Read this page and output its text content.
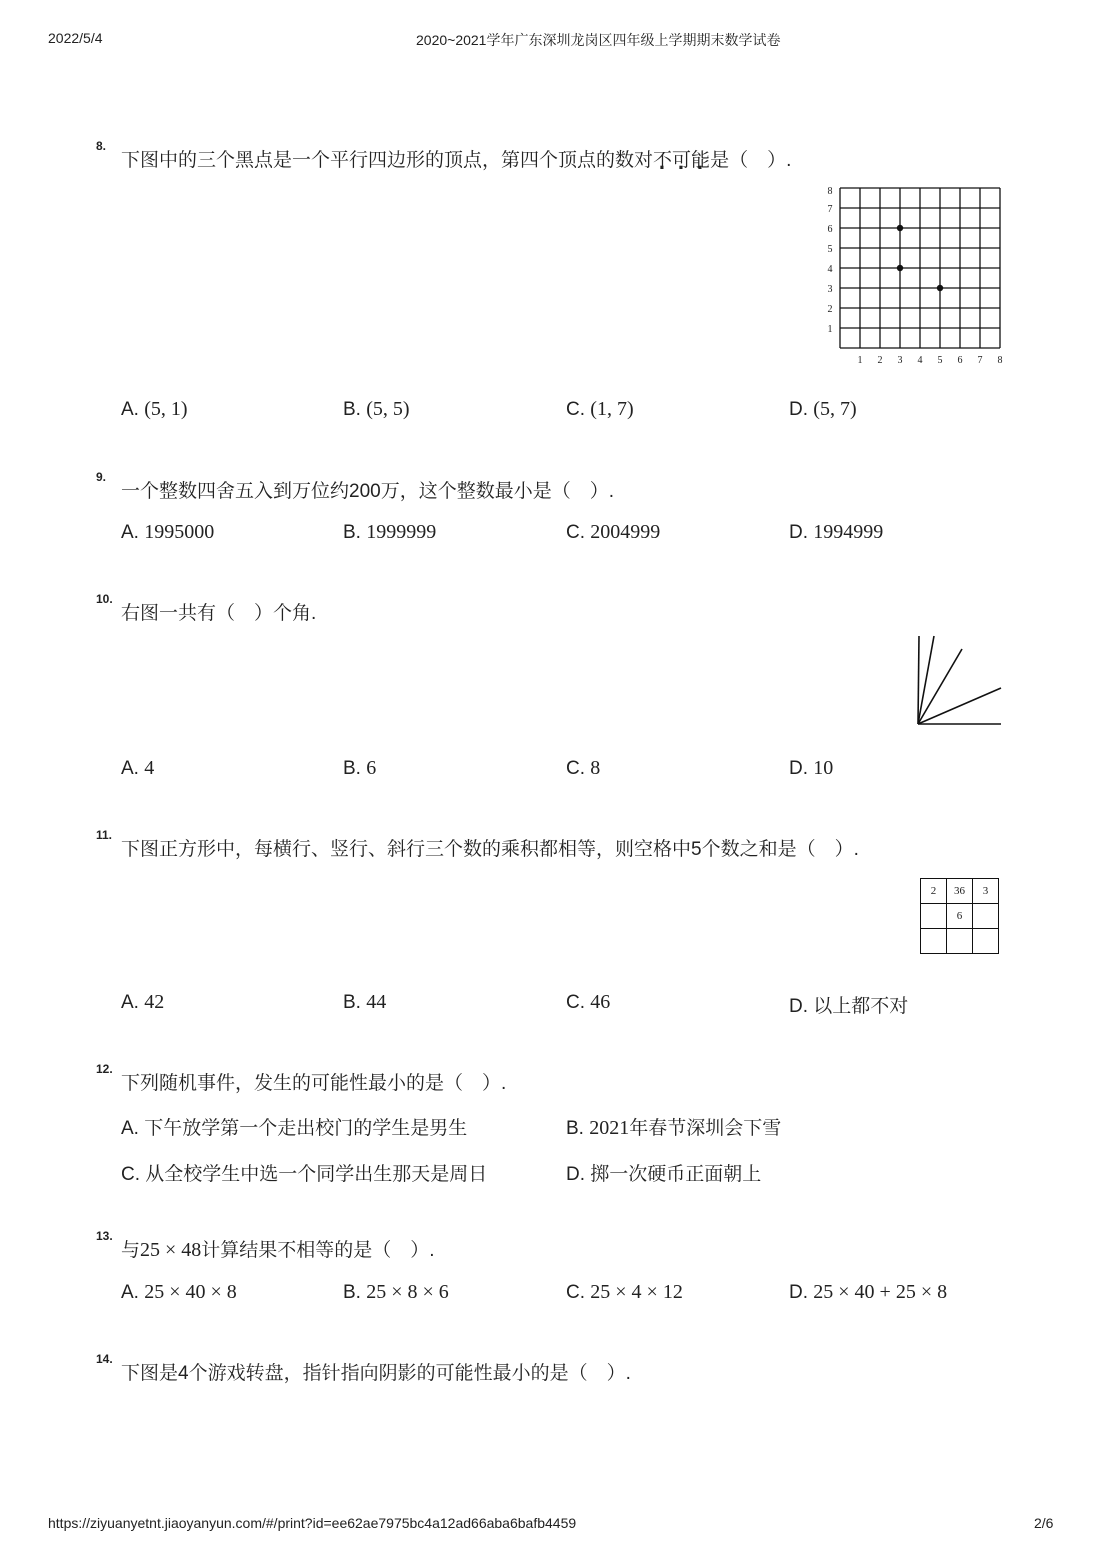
2022/5/4	2020~2021学年广东深圳龙岗区四年级上学期期末数学试卷
8.
下图中的三个黑点是一个平行四边形的顶点，第四个顶点的数对不可能是（　）.
1
2
3
4
5
6
7
8
1 2 3 4 5 6 7 8
A. (5, 1)	B. (5, 5)	C. (1, 7)	D. (5, 7)
9.
一个整数四舍五入到万位约200万，这个整数最小是（　）.
A. 1995000	B. 1999999	C. 2004999	D. 1994999
10.
右图一共有（　）个角.
A. 4	B. 6	C. 8	D. 10
11.
下图正方形中，每横行、竖行、斜行三个数的乘积都相等，则空格中5个数之和是（　）.
2	36	3
	6	

A. 42	B. 44	C. 46	D. 以上都不对
12.
下列随机事件，发生的可能性最小的是（　）.
A. 下午放学第一个走出校门的学生是男生	B. 2021年春节深圳会下雪
C. 从全校学生中选一个同学出生那天是周日	D. 掷一次硬币正面朝上
13.
与25 × 48计算结果不相等的是（　）.
A. 25 × 40 × 8	B. 25 × 8 × 6	C. 25 × 4 × 12	D. 25 × 40 + 25 × 8
14.
下图是4个游戏转盘，指针指向阴影的可能性最小的是（　）.
https://ziyuanyetnt.jiaoyanyun.com/#/print?id=ee62ae7975bc4a12ad66aba6bafb4459	2/6
